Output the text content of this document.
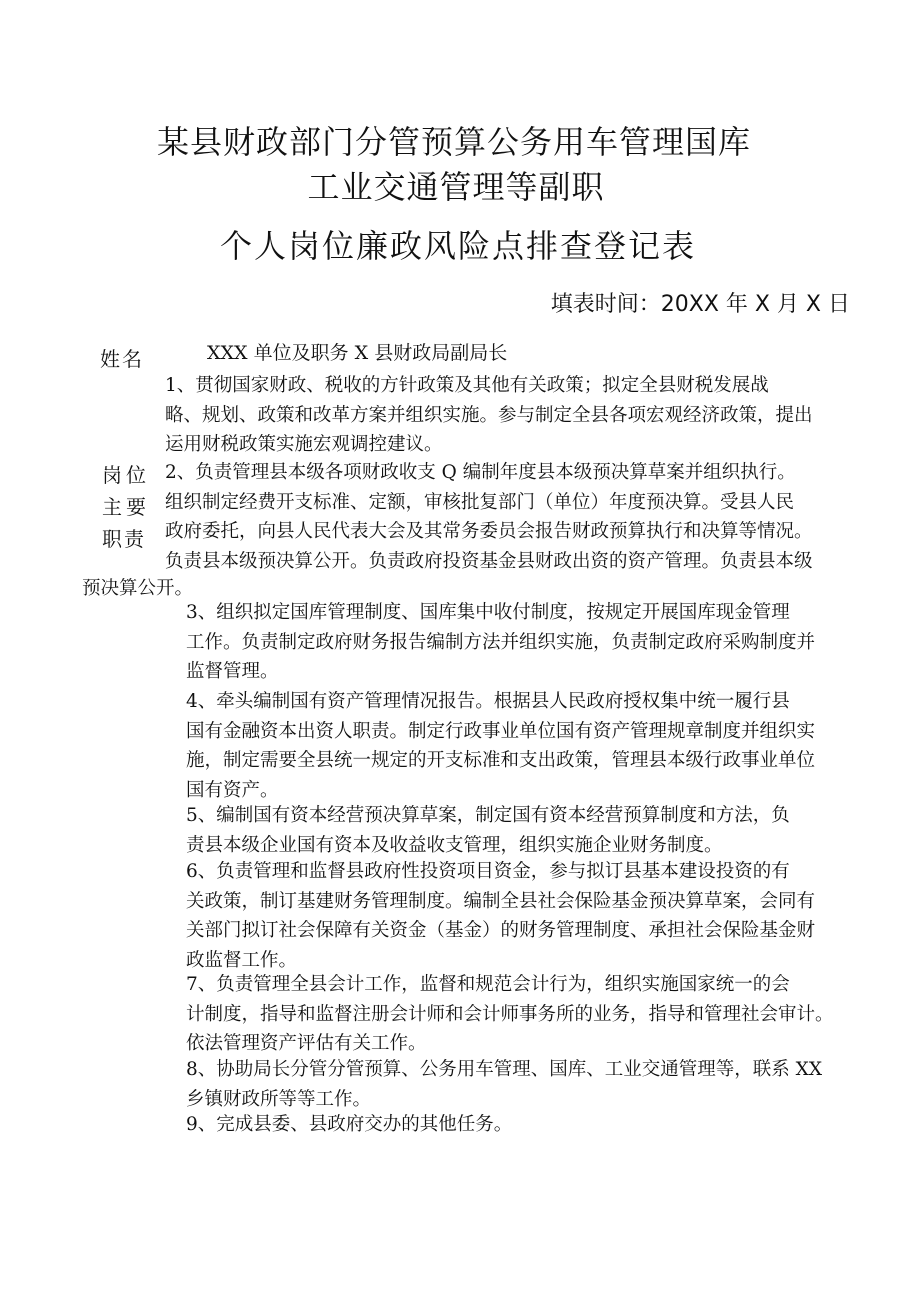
某县财政部门分管预算公务用车管理国库
工业交通管理等副职
个人岗位廉政风险点排查登记表
填表时间：20XX 年 X 月 X 日
姓名	XXX 单位及职务 X 县财政局副局长
岗位
主要
职责
1、贯彻国家财政、税收的方针政策及其他有关政策；拟定全县财税发展战
略、规划、政策和改革方案并组织实施。参与制定全县各项宏观经济政策，提出
运用财税政策实施宏观调控建议。
2、负责管理县本级各项财政收支 Q 编制年度县本级预决算草案并组织执行。
组织制定经费开支标准、定额，审核批复部门（单位）年度预决算。受县人民
政府委托，向县人民代表大会及其常务委员会报告财政预算执行和决算等情况。
负责县本级预决算公开。负责政府投资基金县财政出资的资产管理。负责县本级
预决算公开。
3、组织拟定国库管理制度、国库集中收付制度，按规定开展国库现金管理
工作。负责制定政府财务报告编制方法并组织实施，负责制定政府采购制度并
监督管理。
4、牵头编制国有资产管理情况报告。根据县人民政府授权集中统一履行县
国有金融资本出资人职责。制定行政事业单位国有资产管理规章制度并组织实
施，制定需要全县统一规定的开支标准和支出政策，管理县本级行政事业单位
国有资产。
5、编制国有资本经营预决算草案，制定国有资本经营预算制度和方法，负
责县本级企业国有资本及收益收支管理，组织实施企业财务制度。
6、负责管理和监督县政府性投资项目资金，参与拟订县基本建设投资的有
关政策，制订基建财务管理制度。编制全县社会保险基金预决算草案，会同有
关部门拟订社会保障有关资金（基金）的财务管理制度、承担社会保险基金财
政监督工作。
7、负责管理全县会计工作，监督和规范会计行为，组织实施国家统一的会
计制度，指导和监督注册会计师和会计师事务所的业务，指导和管理社会审计。
依法管理资产评估有关工作。
8、协助局长分管分管预算、公务用车管理、国库、工业交通管理等，联系 XX
乡镇财政所等等工作。
9、完成县委、县政府交办的其他任务。
